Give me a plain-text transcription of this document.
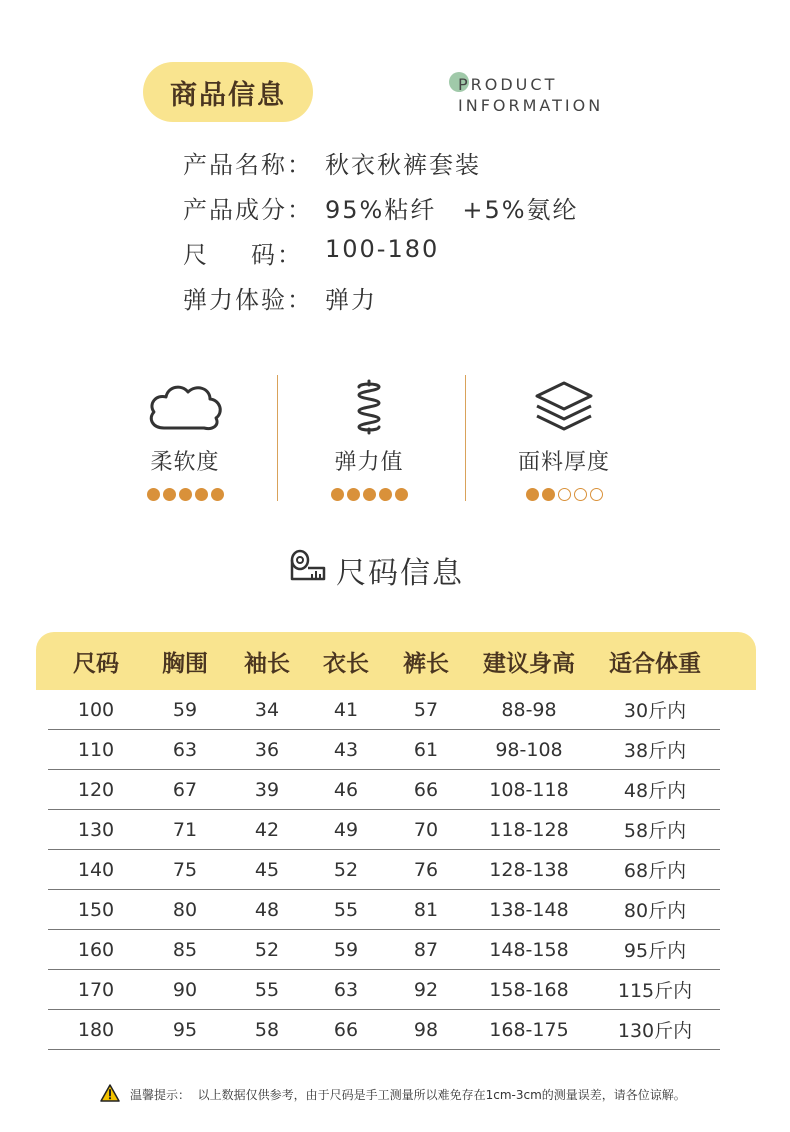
商品信息	PRODUCT
INFORMATION
产品名称： 秋衣秋裤套装
产品成分： 95%粘纤　+5%氨纶
尺 码： 100-180
弹力体验： 弹力
柔软度	弹力值	面料厚度
尺码信息
尺码	胸围	袖长	衣长	裤长	建议身高	适合体重
100	59	34	41	57	88-98	30斤内
110	63	36	43	61	98-108	38斤内
120	67	39	46	66	108-118	48斤内
130	71	42	49	70	118-128	58斤内
140	75	45	52	76	128-138	68斤内
150	80	48	55	81	138-148	80斤内
160	85	52	59	87	148-158	95斤内
170	90	55	63	92	158-168	115斤内
180	95	58	66	98	168-175	130斤内
温馨提示：  以上数据仅供参考，由于尺码是手工测量所以难免存在1cm-3cm的测量误差，请各位谅解。
